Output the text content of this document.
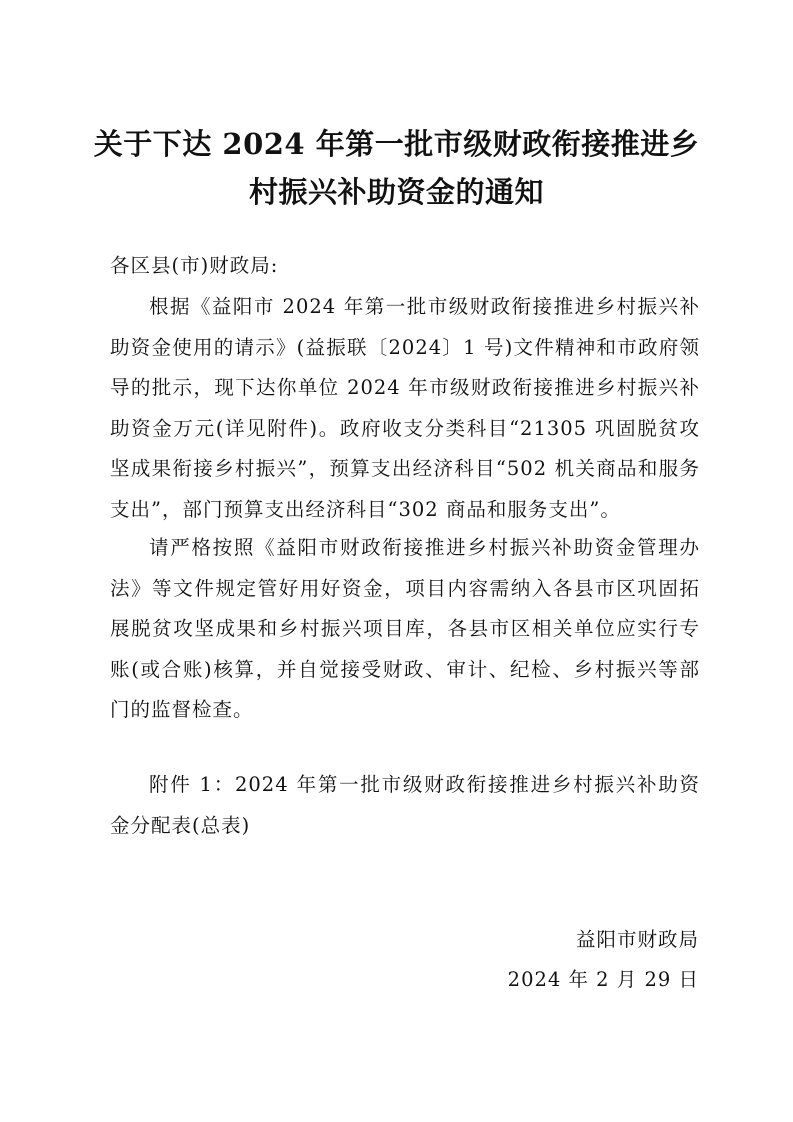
关于下达 2024 年第一批市级财政衔接推进乡
村振兴补助资金的通知

各区县(市)财政局:

根据《益阳市 2024 年第一批市级财政衔接推进乡村振兴补助资金使用的请示》(益振联〔2024〕1 号)文件精神和市政府领导的批示，现下达你单位 2024 年市级财政衔接推进乡村振兴补助资金万元(详见附件)。政府收支分类科目“21305 巩固脱贫攻坚成果衔接乡村振兴”，预算支出经济科目“502 机关商品和服务支出”，部门预算支出经济科目“302 商品和服务支出”。

请严格按照《益阳市财政衔接推进乡村振兴补助资金管理办法》等文件规定管好用好资金，项目内容需纳入各县市区巩固拓展脱贫攻坚成果和乡村振兴项目库，各县市区相关单位应实行专账(或合账)核算，并自觉接受财政、审计、纪检、乡村振兴等部门的监督检查。

附件 1：2024 年第一批市级财政衔接推进乡村振兴补助资金分配表(总表)

益阳市财政局

2024 年 2 月 29 日
